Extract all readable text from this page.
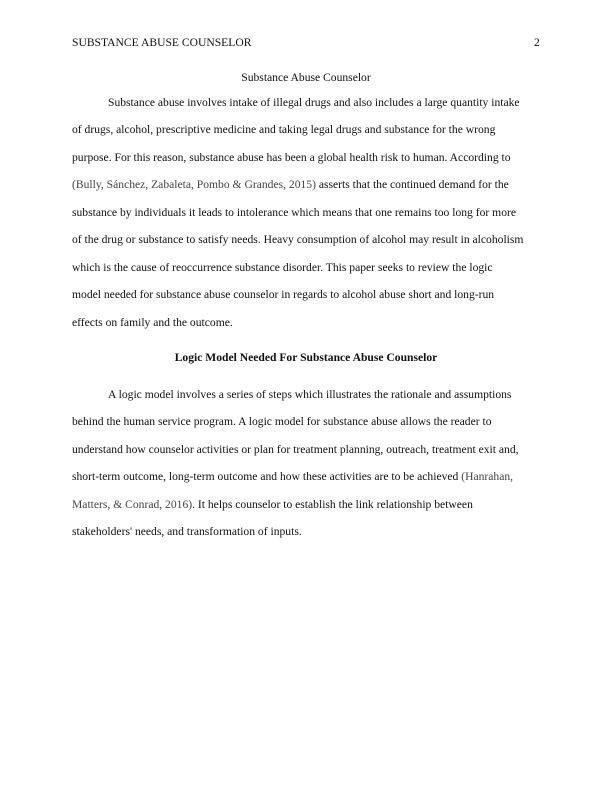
SUBSTANCE ABUSE COUNSELOR	2
Substance Abuse Counselor
Substance abuse involves intake of illegal drugs and also includes a large quantity intake
of drugs, alcohol, prescriptive medicine and taking legal drugs and substance for the wrong
purpose. For this reason, substance abuse has been a global health risk to human. According to
(Bully, Sánchez, Zabaleta, Pombo & Grandes, 2015) asserts that the continued demand for the
substance by individuals it leads to intolerance which means that one remains too long for more
of the drug or substance to satisfy needs. Heavy consumption of alcohol may result in alcoholism
which is the cause of reoccurrence substance disorder. This paper seeks to review the logic
model needed for substance abuse counselor in regards to alcohol abuse short and long-run
effects on family and the outcome.
Logic Model Needed For Substance Abuse Counselor
A logic model involves a series of steps which illustrates the rationale and assumptions
behind the human service program. A logic model for substance abuse allows the reader to
understand how counselor activities or plan for treatment planning, outreach, treatment exit and,
short-term outcome, long-term outcome and how these activities are to be achieved (Hanrahan,
Matters, & Conrad, 2016). It helps counselor to establish the link relationship between
stakeholders' needs, and transformation of inputs.
